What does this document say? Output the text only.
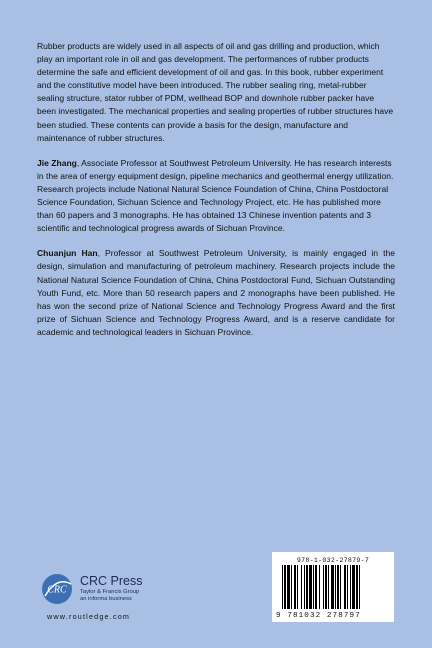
Rubber products are widely used in all aspects of oil and gas drilling and production, which play an important role in oil and gas development. The performances of rubber products determine the safe and efficient development of oil and gas. In this book, rubber experiment and the constitutive model have been introduced. The rubber sealing ring, metal-rubber sealing structure, stator rubber of PDM, wellhead BOP and downhole rubber packer have been investigated. The mechanical properties and sealing properties of rubber structures have been studied. These contents can provide a basis for the design, manufacture and maintenance of rubber structures.

Jie Zhang, Associate Professor at Southwest Petroleum University. He has research interests in the area of energy equipment design, pipeline mechanics and geothermal energy utilization. Research projects include National Natural Science Foundation of China, China Postdoctoral Science Foundation, Sichuan Science and Technology Project, etc. He has published more than 60 papers and 3 monographs. He has obtained 13 Chinese invention patents and 3 scientific and technological progress awards of Sichuan Province.

Chuanjun Han, Professor at Southwest Petroleum University, is mainly engaged in the design, simulation and manufacturing of petroleum machinery. Research projects include the National Natural Science Foundation of China, China Postdoctoral Fund, Sichuan Outstanding Youth Fund, etc. More than 50 research papers and 2 monographs have been published. He has won the second prize of National Science and Technology Progress Award and the first prize of Sichuan Science and Technology Progress Award, and is a reserve candidate for academic and technological leaders in Sichuan Province.

CRC
CRC Press
Taylor & Francis Group
an informa business
www.routledge.com
978-1-032-27879-7
9 781032 278797
